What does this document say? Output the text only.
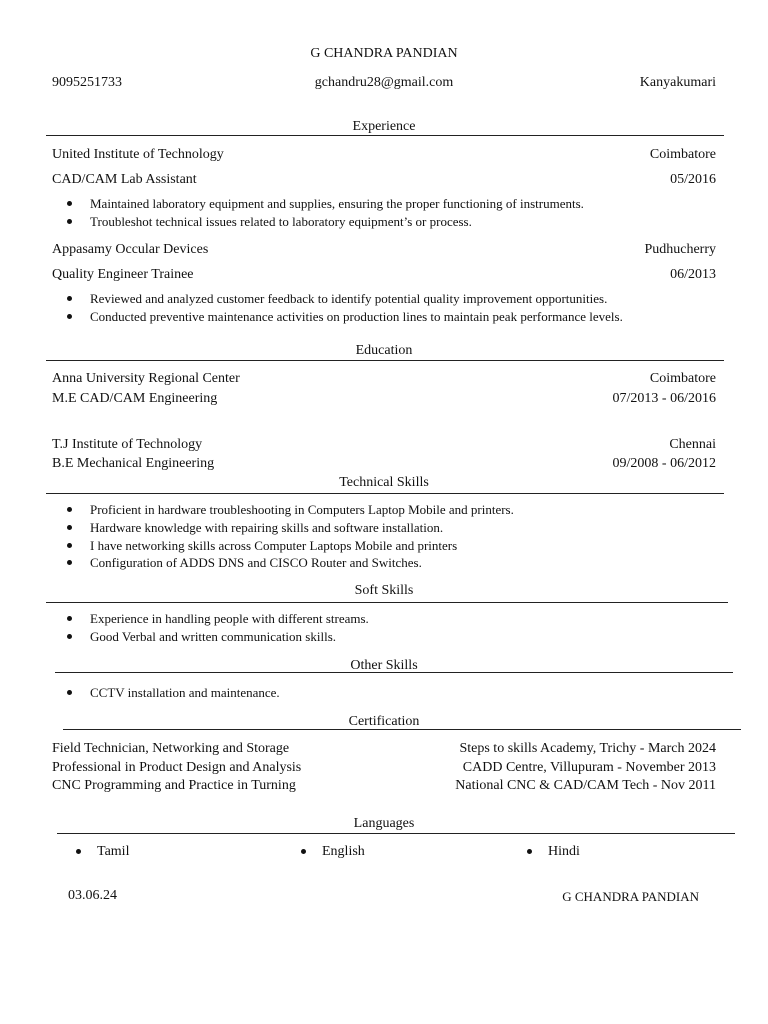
G CHANDRA PANDIAN
9095251733	gchandru28@gmail.com	Kanyakumari
Experience
United Institute of Technology	Coimbatore
CAD/CAM Lab Assistant	05/2016
Maintained laboratory equipment and supplies, ensuring the proper functioning of instruments.
Troubleshot technical issues related to laboratory equipment’s or process.
Appasamy Occular Devices	Pudhucherry
Quality Engineer Trainee	06/2013
Reviewed and analyzed customer feedback to identify potential quality improvement opportunities.
Conducted preventive maintenance activities on production lines to maintain peak performance levels.
Education
Anna University Regional Center	Coimbatore
M.E CAD/CAM Engineering	07/2013 - 06/2016
T.J Institute of Technology	Chennai
B.E Mechanical Engineering	09/2008 - 06/2012
Technical Skills
Proficient in hardware troubleshooting in Computers Laptop Mobile and printers.
Hardware knowledge with repairing skills and software installation.
I have networking skills across Computer Laptops Mobile and printers
Configuration of ADDS DNS and CISCO Router and Switches.
Soft Skills
Experience in handling people with different streams.
Good Verbal and written communication skills.
Other Skills
CCTV installation and maintenance.
Certification
Field Technician, Networking and Storage	Steps to skills Academy, Trichy - March 2024
Professional in Product Design and Analysis	CADD Centre, Villupuram - November 2013
CNC Programming and Practice in Turning	National CNC & CAD/CAM Tech - Nov 2011
Languages
Tamil	English	Hindi
03.06.24	G CHANDRA PANDIAN
